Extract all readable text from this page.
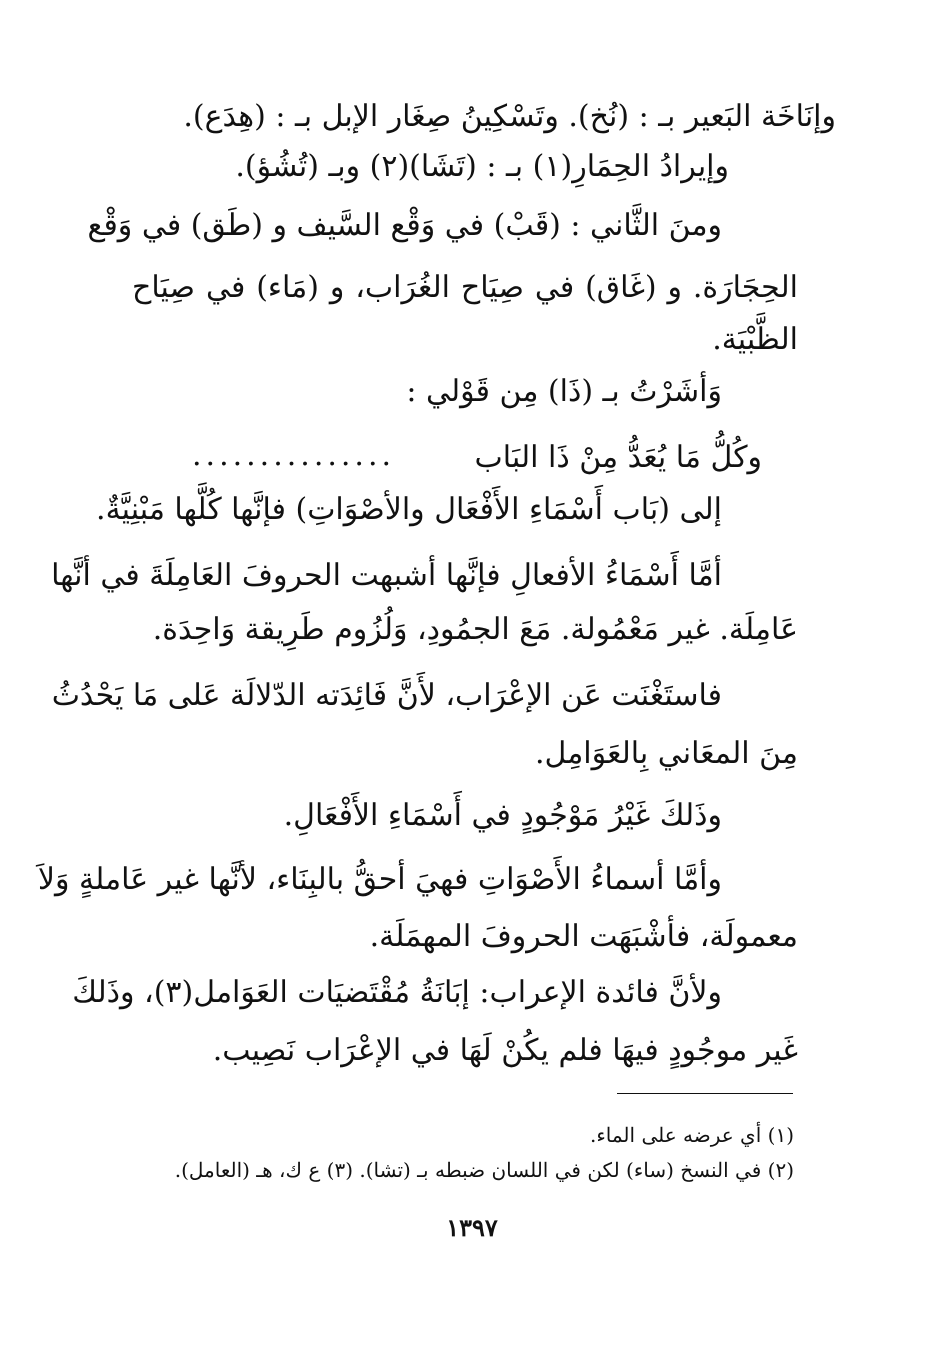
وإنَاخَة البَعير بـ : (نُخ). وتَسْكِينُ صِغَار الإبل بـ : (هِدَع).
وإيرادُ الحِمَارِ(١) بـ : (تَشَا)(٢) وبـ (تُشُؤ).
ومنَ الثَّاني : (قَبْ) في وَقْع السَّيف و (طَق) في وَقْع
الحِجَارَة. و (غَاق) في صِيَاح الغُرَاب، و (مَاء) في صِيَاح
الظَّبْيَة.
وَأشَرْتُ بـ (ذَا) مِن قَوْلي :
وكُلُّ مَا يُعَدُّ مِنْ ذَا البَاب
...............
إلى (بَاب أَسْمَاءِ الأَفْعَال والأصْوَاتِ) فإنَّها كُلَّها مَبْنِيَّةٌ.
أمَّا أَسْمَاءُ الأفعالِ فإنَّها أشبهت الحروفَ العَامِلَةَ في أنَّها
عَامِلَة. غير مَعْمُولة. مَعَ الجمُودِ، وَلُزُوم طَرِيقة وَاحِدَة.
فاستَغْنَت عَن الإعْرَاب، لأَنَّ فَائِدَته الدّلالَة عَلى مَا يَحْدُثُ
مِنَ المعَاني بِالعَوَامِل.
وذَلكَ غَيْرُ مَوْجُودٍ في أَسْمَاءِ الأَفْعَالِ.
وأمَّا أسماءُ الأَصْوَاتِ فهيَ أحقُّ بالبِنَاء، لأنَّها غير عَاملةٍ وَلاَ
معمولَة، فأشْبَهَت الحروفَ المهمَلَة.
ولأنَّ فائدة الإعراب: إبَانَةُ مُقْتَضيَات العَوَامل(٣)، وذَلكَ
غَير موجُودٍ فيهَا فلم يكُنْ لَهَا في الإعْرَاب نَصِيب.
(١) أي عرضه على الماء.
(٢) في النسخ (ساء) لكن في اللسان ضبطه بـ (تشا). (٣) ع ك، هـ (العامل).
١٣٩٧
